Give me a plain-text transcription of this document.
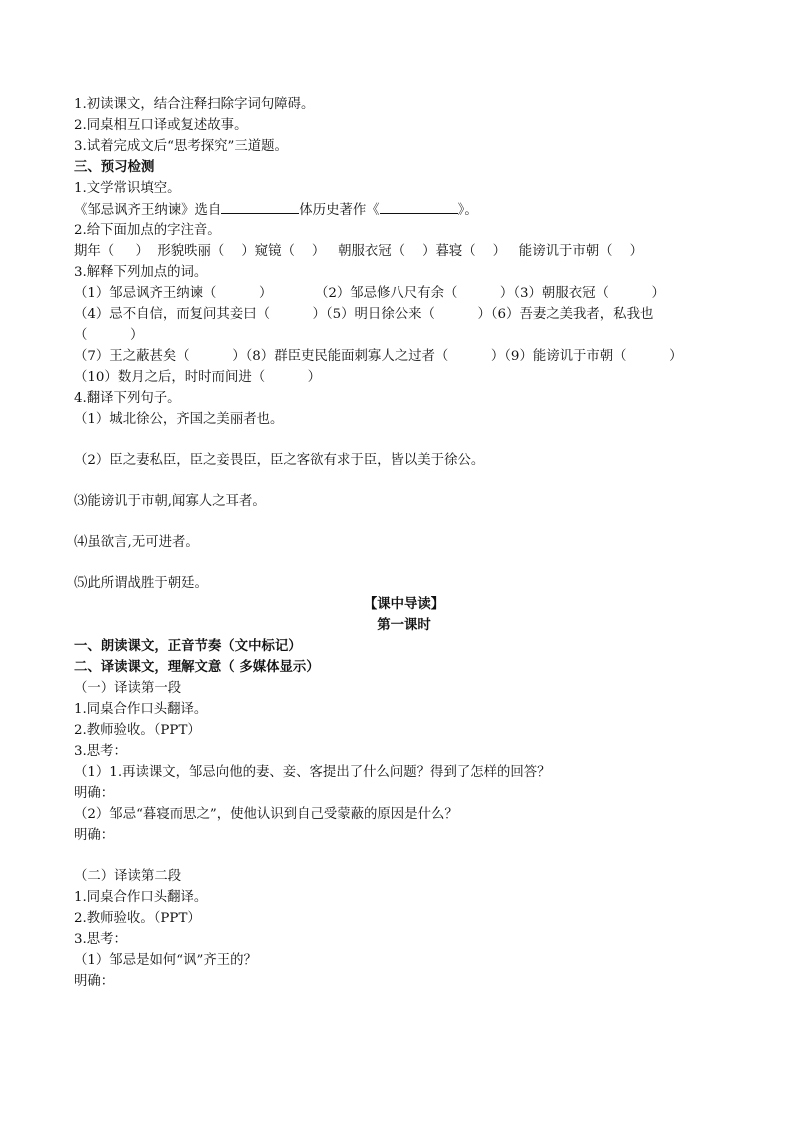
1.初读课文，结合注释扫除字词句障碍。

2.同桌相互口译或复述故事。

3.试着完成文后“思考探究”三道题。

三、预习检测

1.文学常识填空。

《邹忌讽齐王纳谏》选自	体历史著作《	》。

2.给下面加点的字注音。

期年（     ）  形貌昳丽（    ）窥镜（    ）   朝服衣冠（    ）暮寝（    ）   能谤讥于市朝（    ）

3.解释下列加点的词。

（1）邹忌讽齐王纳谏（          ）          （2）邹忌修八尺有余（          ）（3）朝服衣冠（          ）

（4）忌不自信，而复问其妾曰（          ）（5）明日徐公来（          ）（6）吾妻之美我者，私我也

（          ）

（7）王之蔽甚矣（          ）（8）群臣吏民能面刺寡人之过者（          ）（9）能谤讥于市朝（          ）

（10）数月之后，时时而间进（          ）

4.翻译下列句子。

（1）城北徐公，齐国之美丽者也。

（2）臣之妻私臣，臣之妾畏臣，臣之客欲有求于臣，皆以美于徐公。

⑶能谤讥于市朝,闻寡人之耳者。

⑷虽欲言,无可进者。

⑸此所谓战胜于朝廷。

【课中导读】

第一课时

一、朗读课文，正音节奏（文中标记）

二、译读课文，理解文意（ 多媒体显示）

（一）译读第一段

1.同桌合作口头翻译。

2.教师验收。（PPT）

3.思考：

（1）1.再读课文，邹忌向他的妻、妾、客提出了什么问题？得到了怎样的回答？

明确：

（2）邹忌“暮寝而思之”，使他认识到自己受蒙蔽的原因是什么？

明确：

（二）译读第二段

1.同桌合作口头翻译。

2.教师验收。（PPT）

3.思考：

（1）邹忌是如何“讽”齐王的？

明确：
